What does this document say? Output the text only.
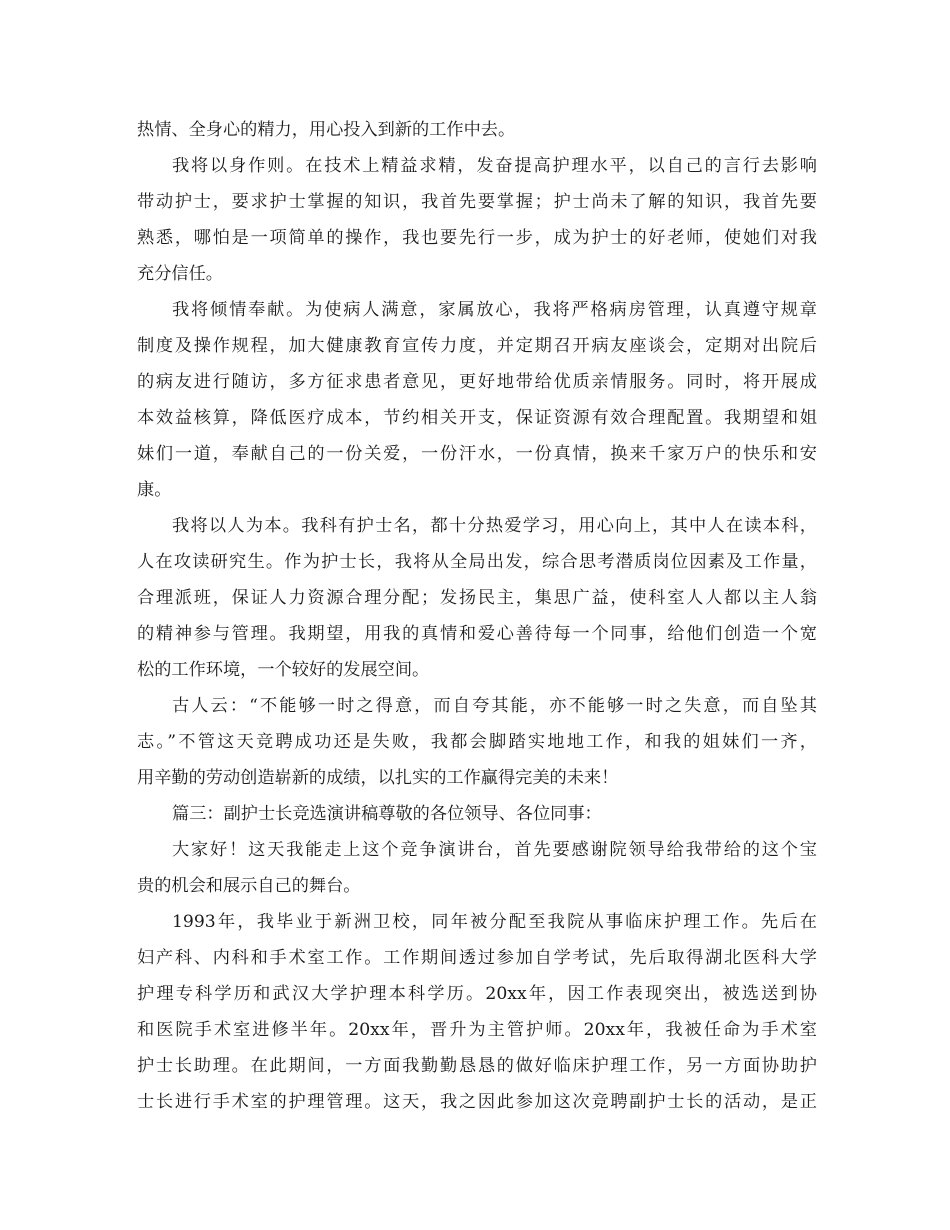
热情、全身心的精力，用心投入到新的工作中去。
我将以身作则。在技术上精益求精，发奋提高护理水平，以自己的言行去影响
带动护士，要求护士掌握的知识，我首先要掌握；护士尚未了解的知识，我首先要
熟悉，哪怕是一项简单的操作，我也要先行一步，成为护士的好老师，使她们对我
充分信任。
我将倾情奉献。为使病人满意，家属放心，我将严格病房管理，认真遵守规章
制度及操作规程，加大健康教育宣传力度，并定期召开病友座谈会，定期对出院后
的病友进行随访，多方征求患者意见，更好地带给优质亲情服务。同时，将开展成
本效益核算，降低医疗成本，节约相关开支，保证资源有效合理配置。我期望和姐
妹们一道，奉献自己的一份关爱，一份汗水，一份真情，换来千家万户的快乐和安
康。
我将以人为本。我科有护士名，都十分热爱学习，用心向上，其中人在读本科，
人在攻读研究生。作为护士长，我将从全局出发，综合思考潜质岗位因素及工作量，
合理派班，保证人力资源合理分配；发扬民主，集思广益，使科室人人都以主人翁
的精神参与管理。我期望，用我的真情和爱心善待每一个同事，给他们创造一个宽
松的工作环境，一个较好的发展空间。
古人云：“不能够一时之得意，而自夸其能，亦不能够一时之失意，而自坠其
志。”不管这天竞聘成功还是失败，我都会脚踏实地地工作，和我的姐妹们一齐，
用辛勤的劳动创造崭新的成绩，以扎实的工作赢得完美的未来！
篇三：副护士长竞选演讲稿尊敬的各位领导、各位同事：
大家好！这天我能走上这个竞争演讲台，首先要感谢院领导给我带给的这个宝
贵的机会和展示自己的舞台。
1993年，我毕业于新洲卫校，同年被分配至我院从事临床护理工作。先后在
妇产科、内科和手术室工作。工作期间透过参加自学考试，先后取得湖北医科大学
护理专科学历和武汉大学护理本科学历。20xx年，因工作表现突出，被选送到协
和医院手术室进修半年。20xx年，晋升为主管护师。20xx年，我被任命为手术室
护士长助理。在此期间，一方面我勤勤恳恳的做好临床护理工作，另一方面协助护
士长进行手术室的护理管理。这天，我之因此参加这次竞聘副护士长的活动，是正
